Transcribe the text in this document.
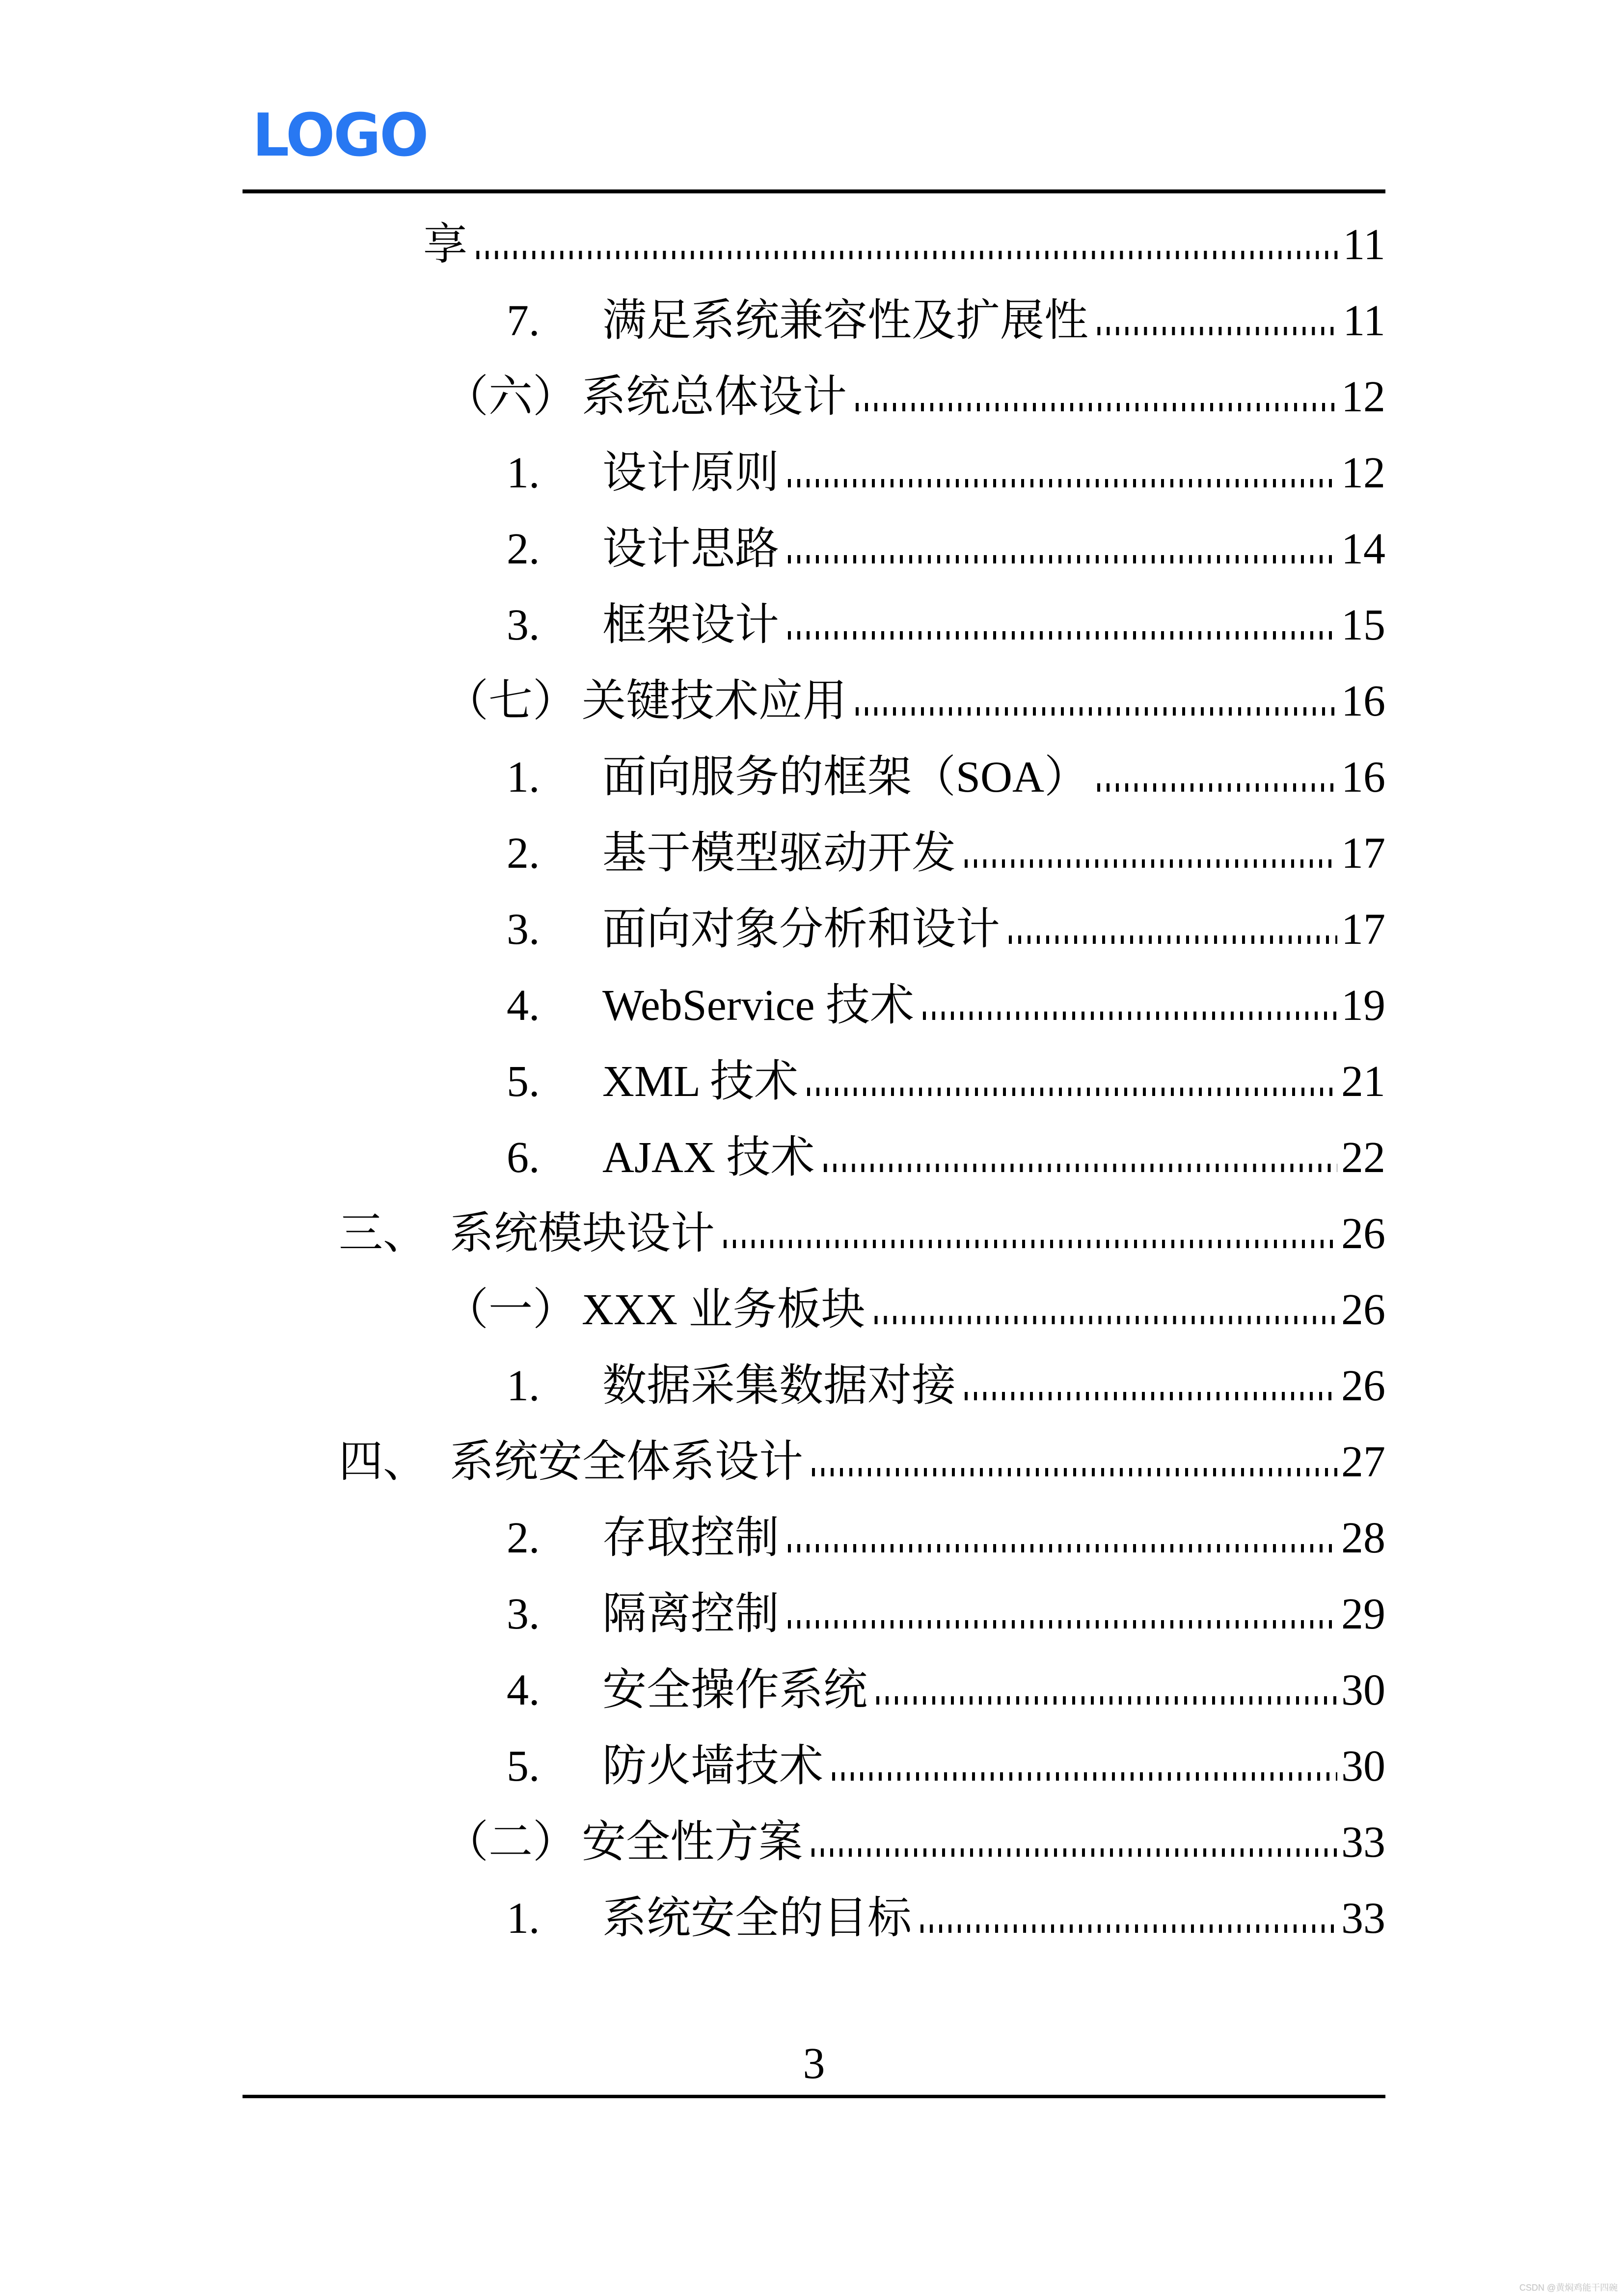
LOGO
享	11
7.	满足系统兼容性及扩展性	11
（六） 系统总体设计	12
1.	设计原则	12
2.	设计思路	14
3.	框架设计	15
（七） 关键技术应用	16
1.	面向服务的框架（SOA）	16
2.	基于模型驱动开发	17
3.	面向对象分析和设计	17
4.	WebService 技术	19
5.	XML 技术	21
6.	AJAX 技术	22
三、 系统模块设计	26
（一） XXX 业务板块	26
1.	数据采集数据对接	26
四、 系统安全体系设计	27
2.	存取控制	28
3.	隔离控制	29
4.	安全操作系统	30
5.	防火墙技术	30
（二） 安全性方案	33
1.	系统安全的目标	33
3
CSDN @黄焖鸡能干四碗
